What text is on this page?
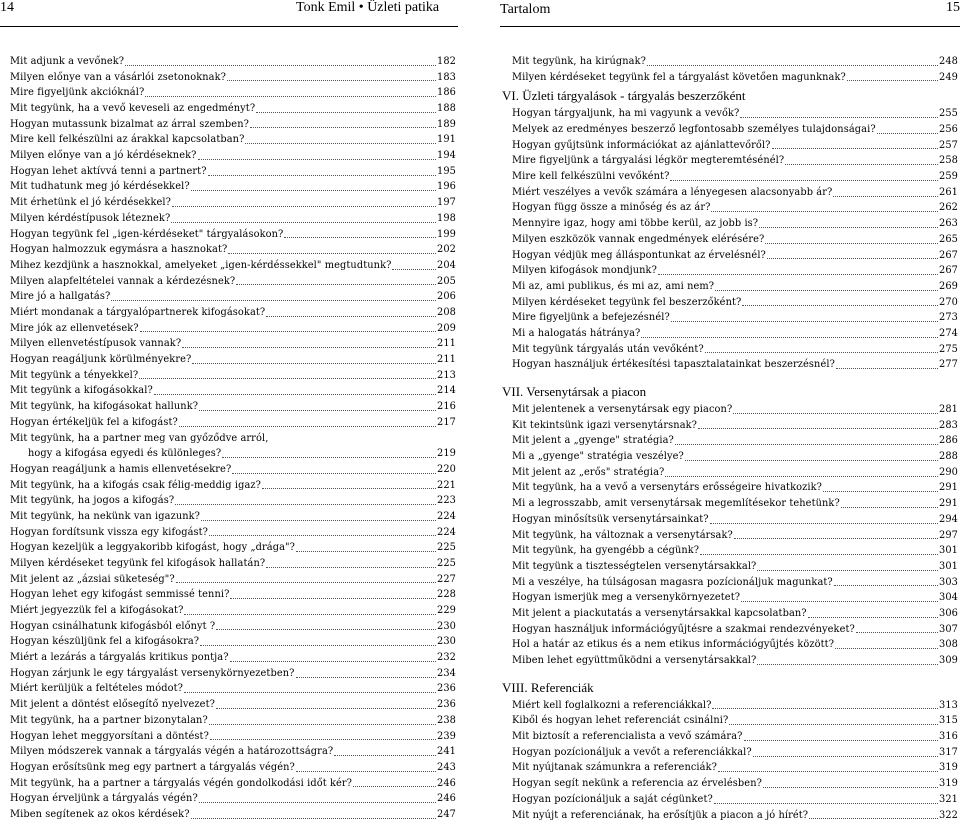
14	Tonk Emil • Üzleti patika	Tartalom	15
Mit adjunk a vevőnek?	182
Milyen előnye van a vásárlói zsetonoknak?	183
Mire figyeljünk akcióknál?	186
Mit tegyünk, ha a vevő keveseli az engedményt?	188
Hogyan mutassunk bizalmat az árral szemben?	189
Mire kell felkészülni az árakkal kapcsolatban?	191
Milyen előnye van a jó kérdéseknek?	194
Hogyan lehet aktívvá tenni a partnert?	195
Mit tudhatunk meg jó kérdésekkel?	196
Mit érhetünk el jó kérdésekkel?	197
Milyen kérdéstípusok léteznek?	198
Hogyan tegyünk fel „igen-kérdéseket" tárgyalásokon?	199
Hogyan halmozzuk egymásra a hasznokat?	202
Mihez kezdjünk a hasznokkal, amelyeket „igen-kérdéssekkel" megtudtunk?	204
Milyen alapfeltételei vannak a kérdezésnek?	205
Mire jó a hallgatás?	206
Miért mondanak a tárgyalópartnerek kifogásokat?	208
Mire jók az ellenvetések?	209
Milyen ellenvetéstípusok vannak?	211
Hogyan reagáljunk körülményekre?	211
Mit tegyünk a tényekkel?	213
Mit tegyünk a kifogásokkal?	214
Mit tegyünk, ha kifogásokat hallunk?	216
Hogyan értékeljük fel a kifogást?	217
Mit tegyünk, ha a partner meg van győződve arról,
hogy a kifogása egyedi és különleges?	219
Hogyan reagáljunk a hamis ellenvetésekre?	220
Mit tegyünk, ha a kifogás csak félig-meddig igaz?	221
Mit tegyünk, ha jogos a kifogás?	223
Mit tegyünk, ha nekünk van igazunk?	224
Hogyan fordítsunk vissza egy kifogást?	224
Hogyan kezeljük a leggyakoribb kifogást, hogy „drága"?	225
Milyen kérdéseket tegyünk fel kifogások hallatán?	225
Mit jelent az „ázsiai süketeség"?	227
Hogyan lehet egy kifogást semmissé tenni?	228
Miért jegyezzük fel a kifogásokat?	229
Hogyan csinálhatunk kifogásból előnyt ?	230
Hogyan készüljünk fel a kifogásokra?	230
Miért a lezárás a tárgyalás kritikus pontja?	232
Hogyan zárjunk le egy tárgyalást versenykörnyezetben?	234
Miért kerüljük a feltételes módot?	236
Mit jelent a döntést elősegítő nyelvezet?	236
Mit tegyünk, ha a partner bizonytalan?	238
Hogyan lehet meggyorsítani a döntést?	239
Milyen módszerek vannak a tárgyalás végén a határozottságra?	241
Hogyan erősítsünk meg egy partnert a tárgyalás végén?	243
Mit tegyünk, ha a partner a tárgyalás végén gondolkodási időt kér?	246
Hogyan érveljünk a tárgyalás végén?	246
Miben segítenek az okos kérdések?	247
Mit tegyünk, ha kirúgnak?	248
Milyen kérdéseket tegyünk fel a tárgyalást követően magunknak?	249
VI. Üzleti tárgyalások - tárgyalás beszerzőként
Hogyan tárgyaljunk, ha mi vagyunk a vevők?	255
Melyek az eredményes beszerző legfontosabb személyes tulajdonságai?	256
Hogyan gyűjtsünk információkat az ajánlattevőről?	257
Mire figyeljünk a tárgyalási légkör megteremtésénél?	258
Mire kell felkészülni vevőként?	259
Miért veszélyes a vevők számára a lényegesen alacsonyabb ár?	261
Hogyan függ össze a minőség és az ár?	262
Mennyire igaz, hogy ami többe kerül, az jobb is?	263
Milyen eszközök vannak engedmények elérésére?	265
Hogyan védjük meg álláspontunkat az érvelésnél?	267
Milyen kifogások mondjunk?	267
Mi az, ami publikus, és mi az, ami nem?	269
Milyen kérdéseket tegyünk fel beszerzőként?	270
Mire figyeljünk a befejezésnél?	273
Mi a halogatás hátránya?	274
Mit tegyünk tárgyalás után vevőként?	275
Hogyan használjuk értékesítési tapasztalatainkat beszerzésnél?	277
VII. Versenytársak a piacon
Mit jelentenek a versenytársak egy piacon?	281
Kit tekintsünk igazi versenytársnak?	283
Mit jelent a „gyenge" stratégia?	286
Mi a „gyenge" stratégia veszélye?	288
Mit jelent az „erős" stratégia?	290
Mit tegyünk, ha a vevő a versenytárs erősségeire hivatkozik?	291
Mi a legrosszabb, amit versenytársak megemlítésekor tehetünk?	291
Hogyan minősítsük versenytársainkat?	294
Mit tegyünk, ha változnak a versenytársak?	297
Mit tegyünk, ha gyengébb a cégünk?	301
Mit tegyünk a tisztességtelen versenytársakkal?	301
Mi a veszélye, ha túlságosan magasra pozícionáljuk magunkat?	303
Hogyan ismerjük meg a versenykörnyezetet?	304
Mit jelent a piackutatás a versenytársakkal kapcsolatban?	306
Hogyan használjuk információgyűjtésre a szakmai rendezvényeket?	307
Hol a határ az etikus és a nem etikus információgyűjtés között?	308
Miben lehet együttműködni a versenytársakkal?	309
VIII. Referenciák
Miért kell foglalkozni a referenciákkal?	313
Kiből és hogyan lehet referenciát csinálni?	315
Mit biztosít a referencialista a vevő számára?	316
Hogyan pozícionáljuk a vevőt a referenciákkal?	317
Mit nyújtanak számunkra a referenciák?	319
Hogyan segít nekünk a referencia az érvelésben?	319
Hogyan pozícionáljuk a saját cégünket?	321
Mit nyújt a referenciának, ha erősítjük a piacon a jó hírét?	322
